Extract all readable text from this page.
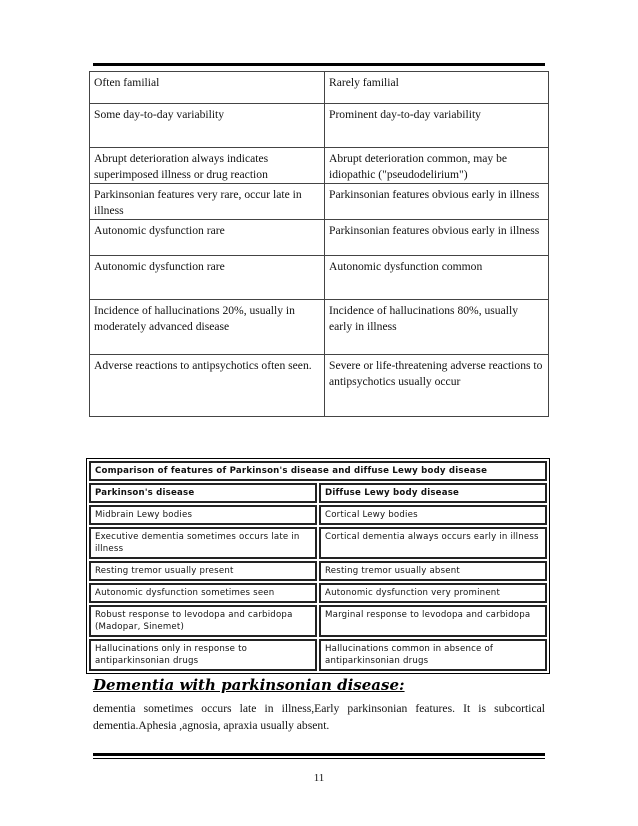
Often familial	Rarely familial
Some day-to-day variability	Prominent day-to-day variability
Abrupt deterioration always indicates superimposed illness or drug reaction	Abrupt deterioration common, may be idiopathic ("pseudodelirium")
Parkinsonian features very rare, occur late in illness	Parkinsonian features obvious early in illness
Autonomic dysfunction rare	Parkinsonian features obvious early in illness
Autonomic dysfunction rare	Autonomic dysfunction common
Incidence of hallucinations 20%, usually in moderately advanced disease	Incidence of hallucinations 80%, usually early in illness
Adverse reactions to antipsychotics often seen.	Severe or life-threatening adverse reactions to antipsychotics usually occur
Comparison of features of Parkinson's disease and diffuse Lewy body disease	
Parkinson's disease	Diffuse Lewy body disease
Midbrain Lewy bodies	Cortical Lewy bodies
Executive dementia sometimes occurs late in illness	Cortical dementia always occurs early in illness
Resting tremor usually present	Resting tremor usually absent
Autonomic dysfunction sometimes seen	Autonomic dysfunction very prominent
Robust response to levodopa and carbidopa (Madopar, Sinemet)	Marginal response to levodopa and carbidopa
Hallucinations only in response to antiparkinsonian drugs	Hallucinations common in absence of antiparkinsonian drugs
Dementia with parkinsonian disease:
dementia sometimes occurs late in illness,Early parkinsonian features. It is subcortical dementia.Aphesia ,agnosia, apraxia usually absent.
11
